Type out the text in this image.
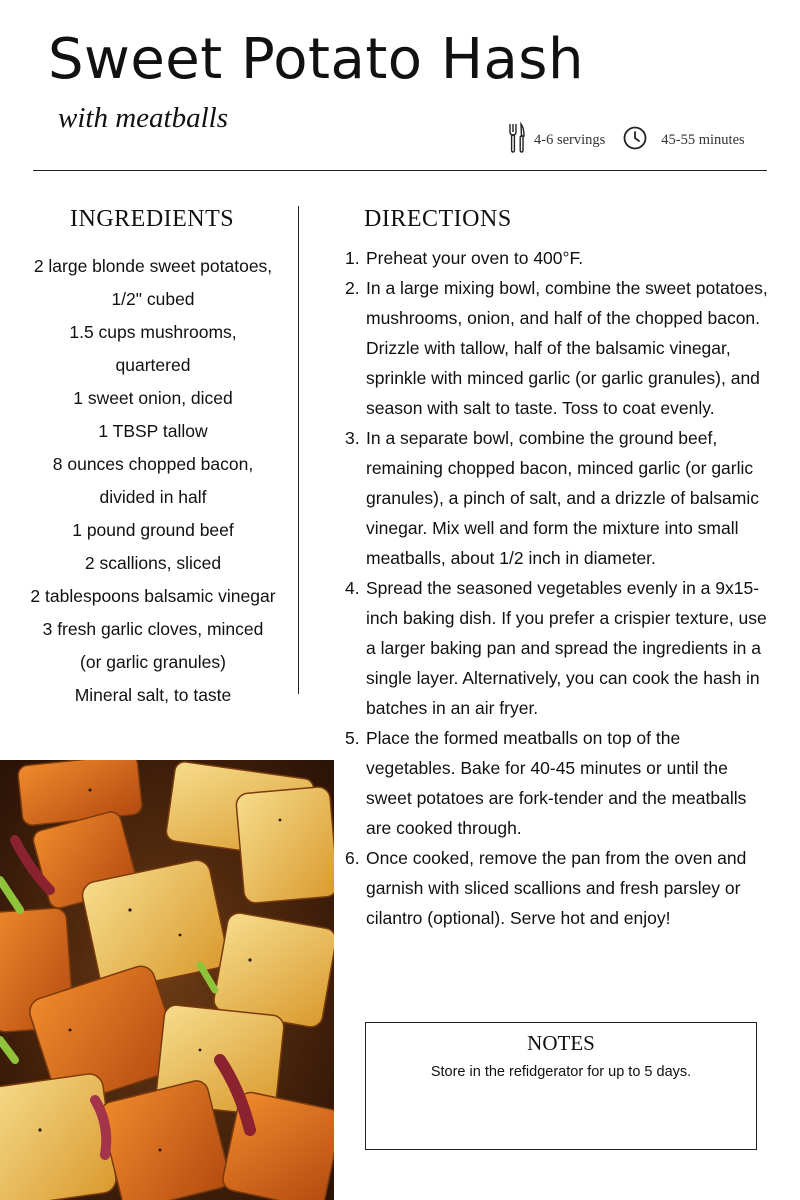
Sweet Potato Hash
with meatballs
4-6 servings	45-55 minutes
INGREDIENTS
2 large blonde sweet potatoes, 1/2" cubed
1.5 cups mushrooms, quartered
1 sweet onion, diced
1 TBSP tallow
8 ounces chopped bacon, divided in half
1 pound ground beef
2 scallions, sliced
2 tablespoons balsamic vinegar
3 fresh garlic cloves, minced (or garlic granules)
Mineral salt, to taste
DIRECTIONS
1. Preheat your oven to 400°F.
2. In a large mixing bowl, combine the sweet potatoes, mushrooms, onion, and half of the chopped bacon. Drizzle with tallow, half of the balsamic vinegar, sprinkle with minced garlic (or garlic granules), and season with salt to taste. Toss to coat evenly.
3. In a separate bowl, combine the ground beef, remaining chopped bacon, minced garlic (or garlic granules), a pinch of salt, and a drizzle of balsamic vinegar. Mix well and form the mixture into small meatballs, about 1/2 inch in diameter.
4. Spread the seasoned vegetables evenly in a 9x15-inch baking dish. If you prefer a crispier texture, use a larger baking pan and spread the ingredients in a single layer. Alternatively, you can cook the hash in batches in an air fryer.
5. Place the formed meatballs on top of the vegetables. Bake for 40-45 minutes or until the sweet potatoes are fork-tender and the meatballs are cooked through.
6. Once cooked, remove the pan from the oven and garnish with sliced scallions and fresh parsley or cilantro (optional). Serve hot and enjoy!
NOTES

Store in the refidgerator for up to 5 days.
